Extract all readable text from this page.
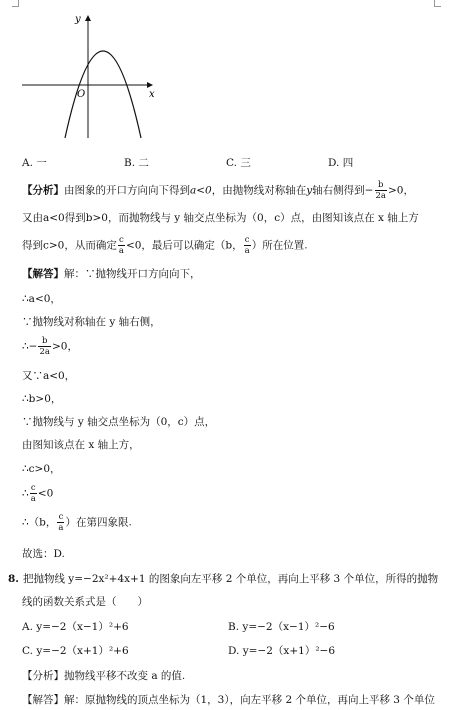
y
x
O
A. 一	B. 二	C. 三	D. 四
【分析】由图象的开口方向向下得到a<0，由抛物线对称轴在y轴右侧得到− $\frac{b}{2a} >0$，
又由a<0得到b>0，而抛物线与 y 轴交点坐标为（0，c）点，由图知该点在 x 轴上方
得到c>0，从而确定 $\frac{c}{a} <0$，最后可以确定（b， $\frac{c}{a}$ ）所在位置.
【解答】解：∵抛物线开口方向向下，
∴a<0，
∵抛物线对称轴在 y 轴右侧，
∴− $\frac{b}{2a} >0$，
又∵a<0，
∴b>0，
∵抛物线与 y 轴交点坐标为（0，c）点，
由图知该点在 x 轴上方，
∴c>0，
∴ $\frac{c}{a} <0$
∴（b， $\frac{c}{a}$ ）在第四象限.
故选：D.
8. 把抛物线 y=−2x²+4x+1 的图象向左平移 2 个单位，再向上平移 3 个单位，所得的抛物
线的函数关系式是（　　）
A. y=−2（x−1）²+6	B. y=−2（x−1）²−6
C. y=−2（x+1）²+6	D. y=−2（x+1）²−6
【分析】抛物线平移不改变 a 的值.
【解答】解：原抛物线的顶点坐标为（1，3），向左平移 2 个单位，再向上平移 3 个单位
